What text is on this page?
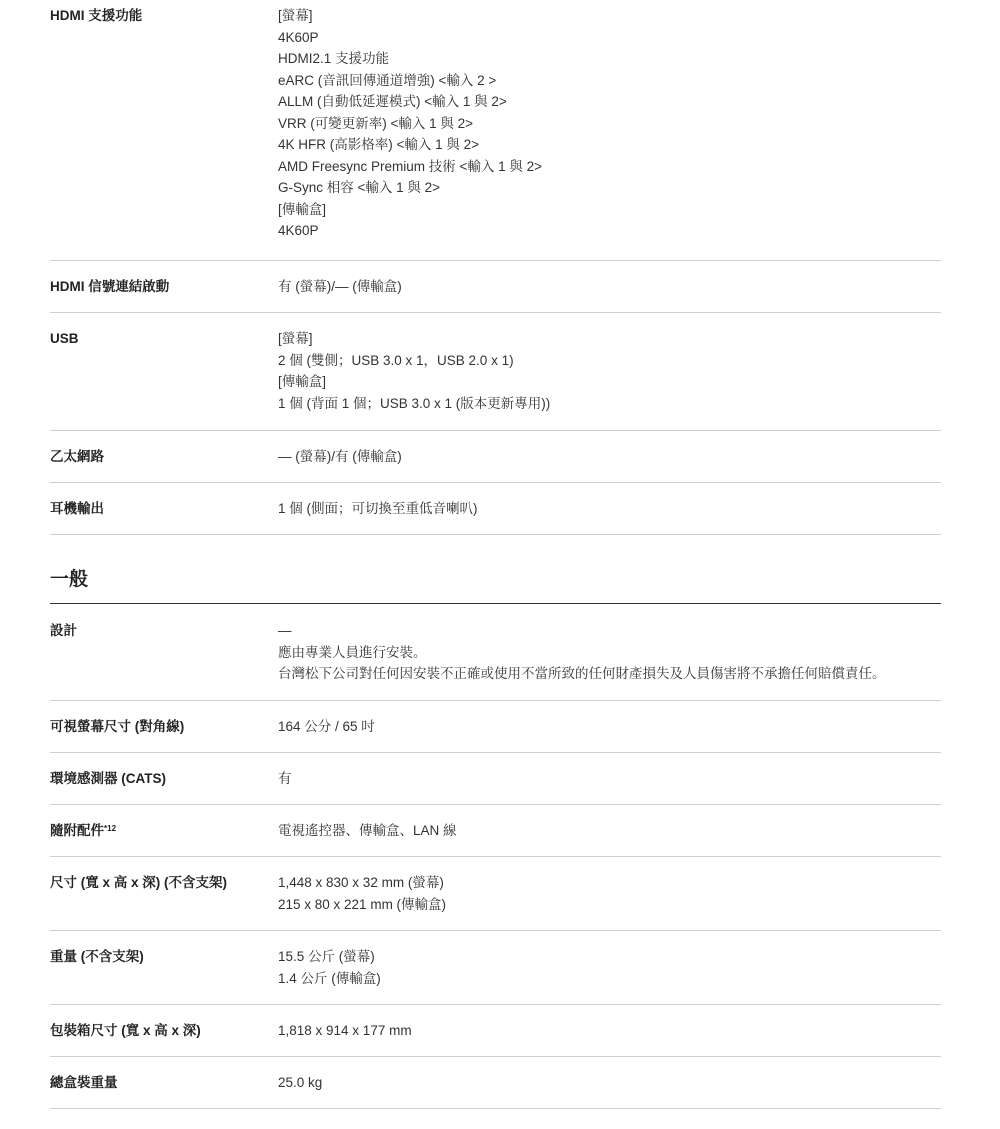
HDMI 支援功能	[螢幕]
4K60P
HDMI2.1 支援功能
eARC (音訊回傳通道增強) <輸入 2 >
ALLM (自動低延遲模式) <輸入 1 與 2>
VRR (可變更新率) <輸入 1 與 2>
4K HFR (高影格率) <輸入 1 與 2>
AMD Freesync Premium 技術 <輸入 1 與 2>
G-Sync 相容 <輸入 1 與 2>
[傳輸盒]
4K60P
HDMI 信號連結啟動	有 (螢幕)/— (傳輸盒)
USB	[螢幕]
2 個 (雙側；USB 3.0 x 1，USB 2.0 x 1)
[傳輸盒]
1 個 (背面 1 個；USB 3.0 x 1 (版本更新專用))
乙太網路	— (螢幕)/有 (傳輸盒)
耳機輸出	1 個 (側面；可切換至重低音喇叭)
一般
設計	—
應由專業人員進行安裝。
台灣松下公司對任何因安裝不正確或使用不當所致的任何財產損失及人員傷害將不承擔任何賠償責任。
可視螢幕尺寸 (對角線)	164 公分 / 65 吋
環境感測器 (CATS)	有
隨附配件$^{*12}$	電視遙控器、傳輸盒、LAN 線
尺寸 (寬 x 高 x 深) (不含支架)	1,448 x 830 x 32 mm (螢幕)
215 x 80 x 221 mm (傳輸盒)
重量 (不含支架)	15.5 公斤 (螢幕)
1.4 公斤 (傳輸盒)
包裝箱尺寸 (寬 x 高 x 深)	1,818 x 914 x 177 mm
總盒裝重量	25.0 kg
